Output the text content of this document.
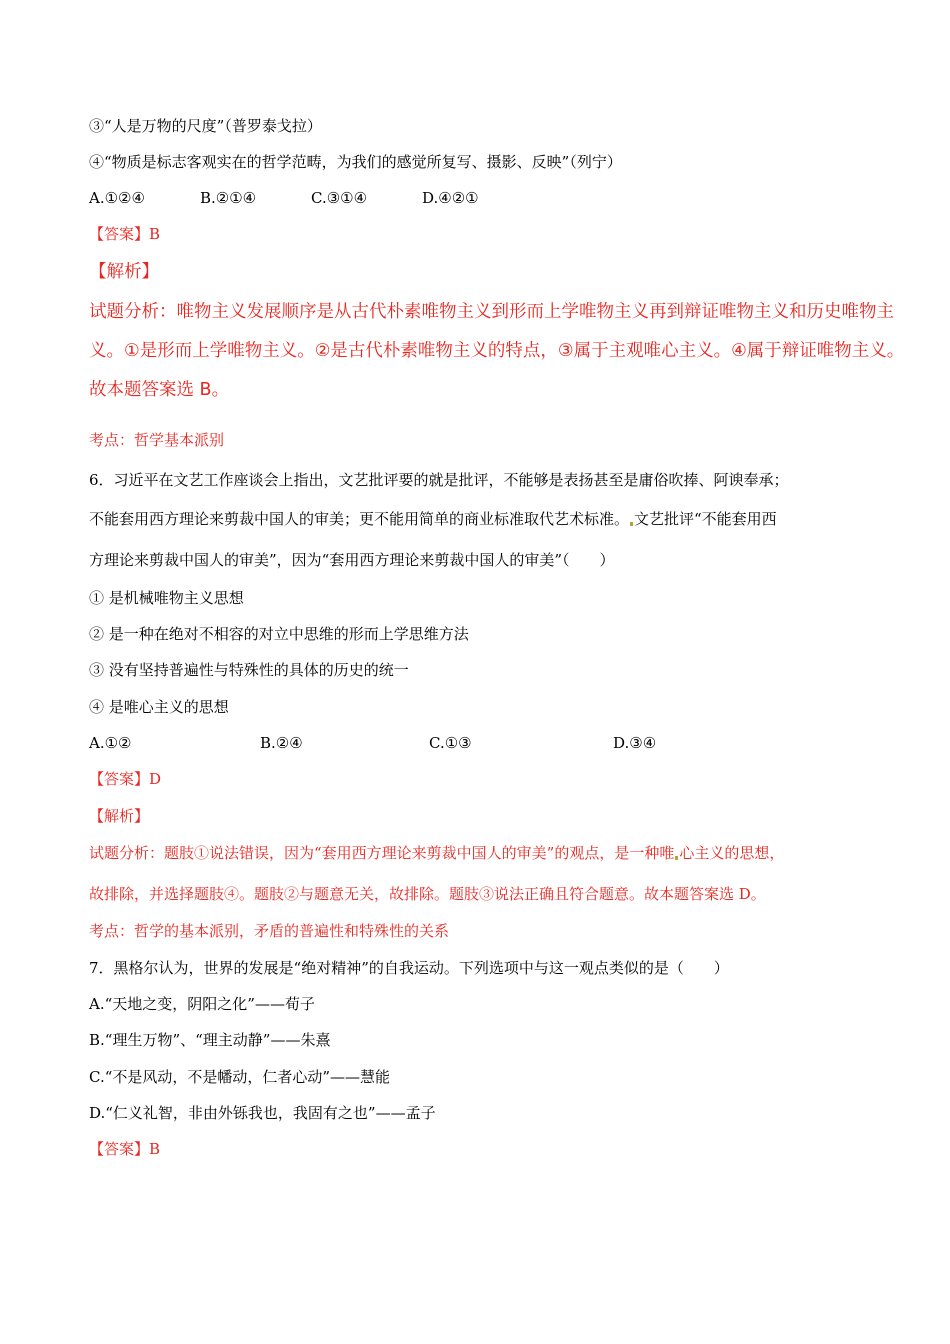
③“人是万物的尺度”（普罗泰戈拉）
④“物质是标志客观实在的哲学范畴，为我们的感觉所复写、摄影、反映”（列宁）
A.①②④	B.②①④	C.③①④	D.④②①
【答案】B
【解析】
试题分析：唯物主义发展顺序是从古代朴素唯物主义到形而上学唯物主义再到辩证唯物主义和历史唯物主
义。①是形而上学唯物主义。②是古代朴素唯物主义的特点，③属于主观唯心主义。④属于辩证唯物主义。
故本题答案选 B。
考点：哲学基本派别
6．习近平在文艺工作座谈会上指出，文艺批评要的就是批评，不能够是表扬甚至是庸俗吹捧、阿谀奉承；
不能套用西方理论来剪裁中国人的审美；更不能用简单的商业标准取代艺术标准。 文艺批评“不能套用西
方理论来剪裁中国人的审美”，因为“套用西方理论来剪裁中国人的审美”（　　）
① 是机械唯物主义思想
② 是一种在绝对不相容的对立中思维的形而上学思维方法
③ 没有坚持普遍性与特殊性的具体的历史的统一
④ 是唯心主义的思想
A.①②	B.②④	C.①③	D.③④
【答案】D
【解析】
试题分析：题肢①说法错误，因为“套用西方理论来剪裁中国人的审美”的观点，是一种唯 心主义的思想，
故排除，并选择题肢④。题肢②与题意无关，故排除。题肢③说法正确且符合题意。故本题答案选 D。
考点：哲学的基本派别，矛盾的普遍性和特殊性的关系
7．黑格尔认为，世界的发展是“绝对精神”的自我运动。下列选项中与这一观点类似的是（　　）
A.“天地之变，阴阳之化”——荀子
B.“理生万物”、“理主动静”——朱熹
C.“不是风动，不是幡动，仁者心动”——慧能
D.“仁义礼智，非由外铄我也，我固有之也”——孟子
【答案】B
